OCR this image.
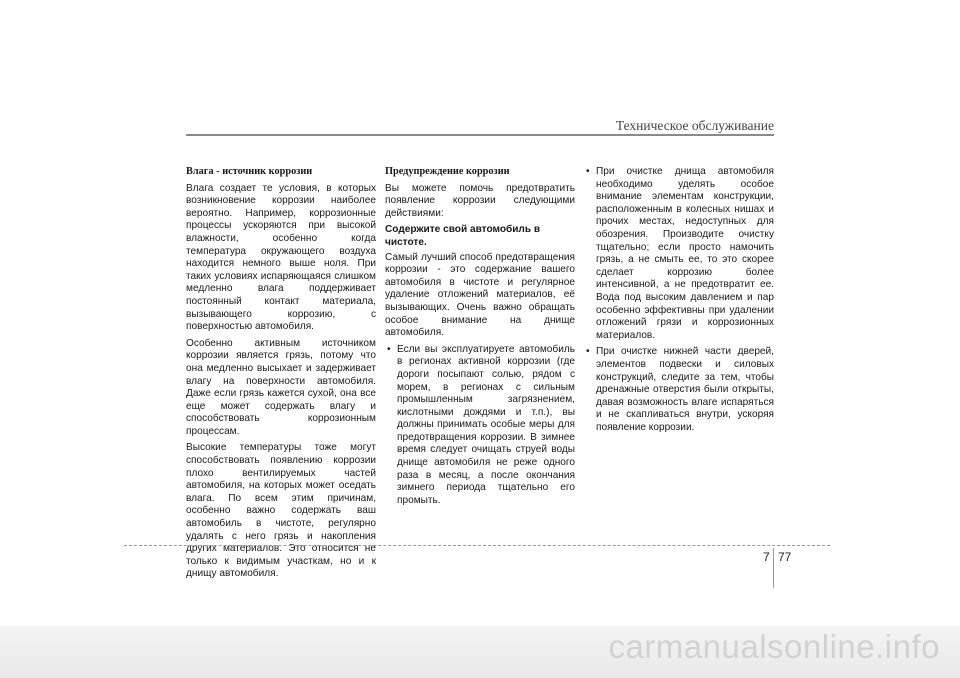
Техническое обслуживание
Влага - источник коррозии

Влага создает те условия, в которых возникновение коррозии наиболее вероятно. Например, коррозионные процессы ускоряются при высокой влажности, особенно когда температура окружающего воздуха находится немного выше ноля. При таких условиях испаряющаяся слишком медленно влага поддерживает постоянный контакт материала, вызывающего коррозию, с поверхностью автомобиля.

Особенно активным источником коррозии является грязь, потому что она медленно высыхает и задерживает влагу на поверхности автомобиля. Даже если грязь кажется сухой, она все еще может содержать влагу и способствовать коррозионным процессам.

Высокие температуры тоже могут способствовать появлению коррозии плохо вентилируемых частей автомобиля, на которых может оседать влага. По всем этим причинам, особенно важно содержать ваш автомобиль в чистоте, регулярно удалять с него грязь и накопления других материалов. Это относится не только к видимым участкам, но и к днищу автомобиля.

Предупреждение коррозии

Вы можете помочь предотвратить появление коррозии следующими действиями:

Содержите свой автомобиль в чистоте.

Самый лучший способ предотвращения коррозии - это содержание вашего автомобиля в чистоте и регулярное удаление отложений материалов, её вызывающих. Очень важно обращать особое внимание на днище автомобиля.

• Если вы эксплуатируете автомобиль в регионах активной коррозии (где дороги посыпают солью, рядом с морем, в регионах с сильным промышленным загрязнением, кислотными дождями и т.п.), вы должны принимать особые меры для предотвращения коррозии. В зимнее время следует очищать струей воды днище автомобиля не реже одного раза в месяц, а после окончания зимнего периода тщательно его промыть.
• При очистке днища автомобиля необходимо уделять особое внимание элементам конструкции, расположенным в колесных нишах и прочих местах, недоступных для обозрения. Производите очистку тщательно; если просто намочить грязь, а не смыть ее, то это скорее сделает коррозию более интенсивной, а не предотвратит ее. Вода под высоким давлением и пар особенно эффективны при удалении отложений грязи и коррозионных материалов.
• При очистке нижней части дверей, элементов подвески и силовых конструкций, следите за тем, чтобы дренажные отверстия были открыты, давая возможность влаге испаряться и не скапливаться внутри, ускоряя появление коррозии.
7 77
carmanualsonline.info
